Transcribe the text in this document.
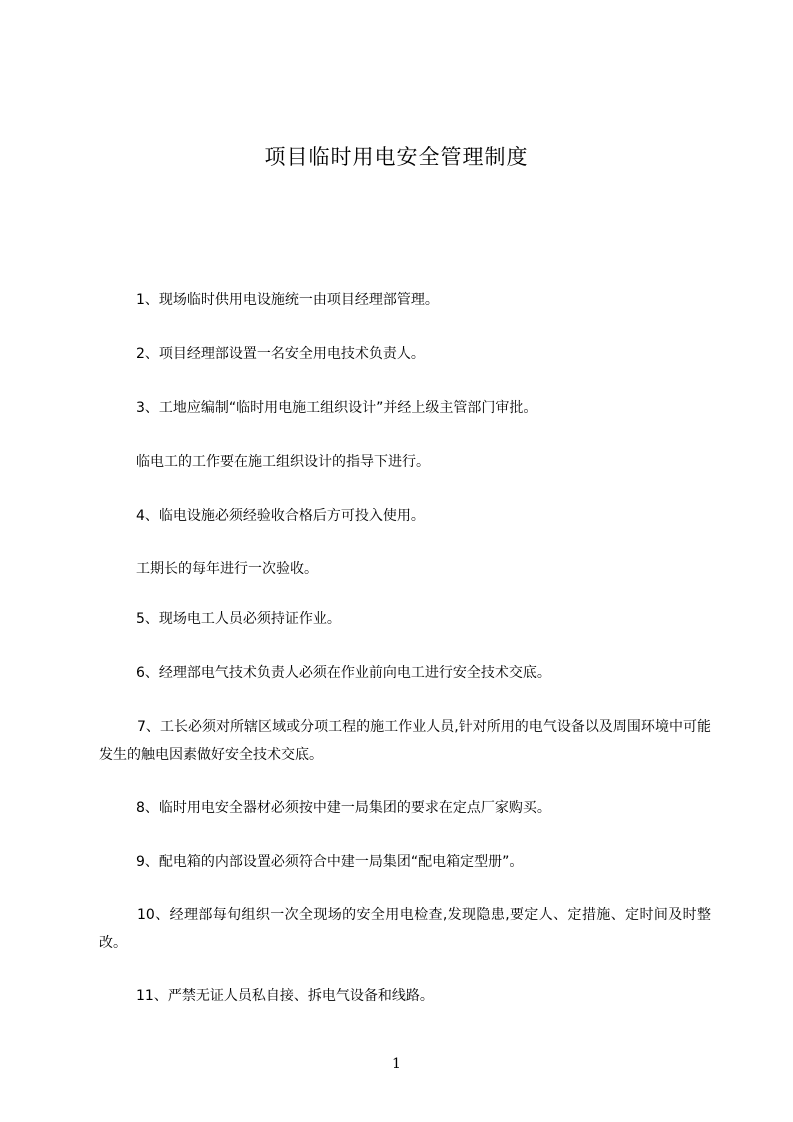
项目临时用电安全管理制度
1、现场临时供用电设施统一由项目经理部管理。
2、项目经理部设置一名安全用电技术负责人。
3、工地应编制“临时用电施工组织设计”并经上级主管部门审批。
临电工的工作要在施工组织设计的指导下进行。
4、临电设施必须经验收合格后方可投入使用。
工期长的每年进行一次验收。
5、现场电工人员必须持证作业。
6、经理部电气技术负责人必须在作业前向电工进行安全技术交底。
7、工长必须对所辖区域或分项工程的施工作业人员,针对所用的电气设备以及周围环境中可能发生的触电因素做好安全技术交底。
8、临时用电安全器材必须按中建一局集团的要求在定点厂家购买。
9、配电箱的内部设置必须符合中建一局集团“配电箱定型册”。
10、经理部每旬组织一次全现场的安全用电检查,发现隐患,要定人、定措施、定时间及时整改。
11、严禁无证人员私自接、拆电气设备和线路。
1
